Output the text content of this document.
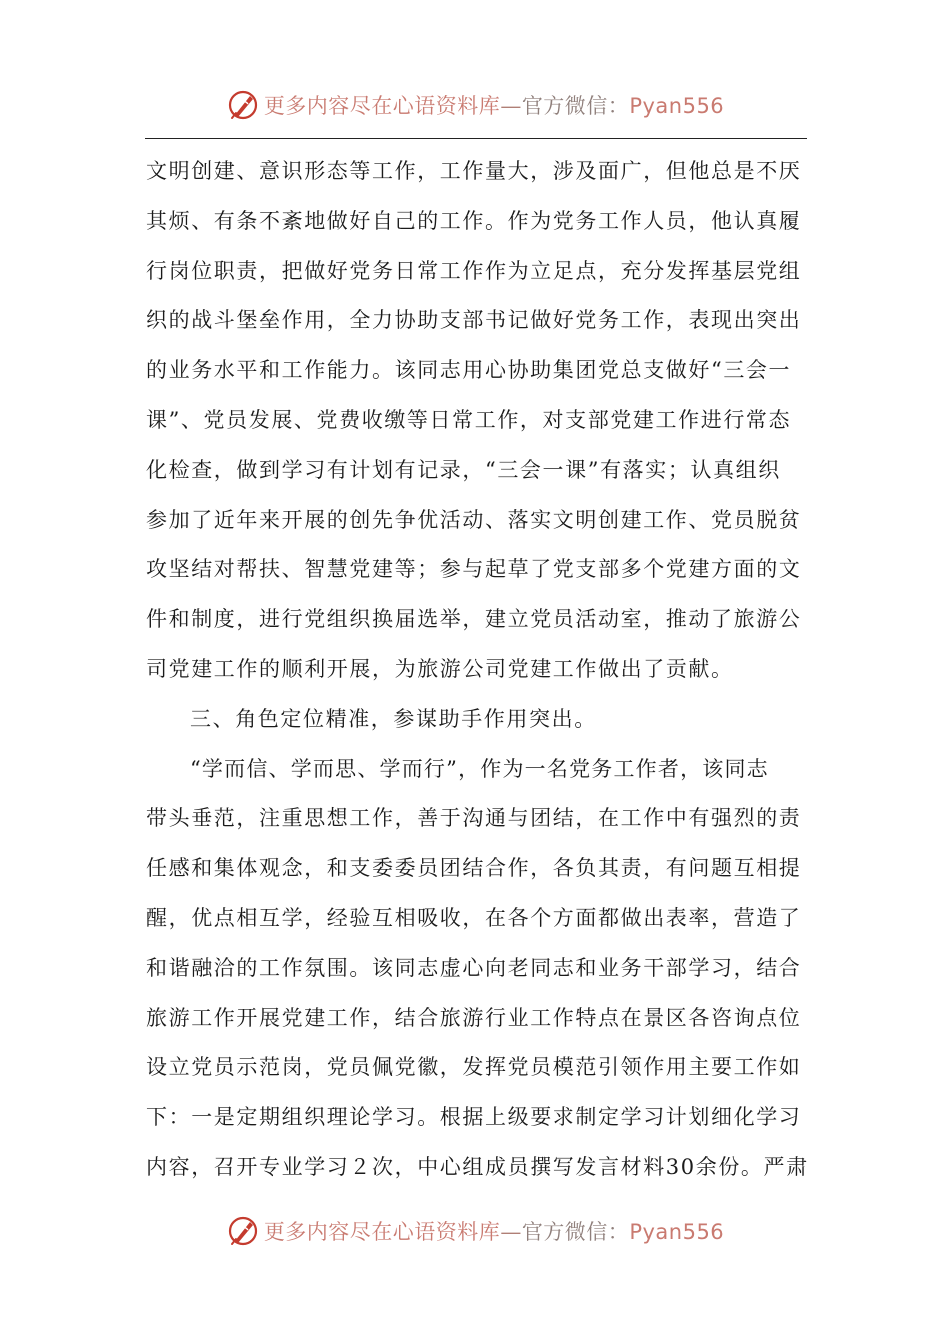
更多内容尽在心语资料库—官方微信：Pyan556
文明创建、意识形态等工作，工作量大，涉及面广，但他总是不厌
其烦、有条不紊地做好自己的工作。作为党务工作人员，他认真履
行岗位职责，把做好党务日常工作作为立足点，充分发挥基层党组
织的战斗堡垒作用，全力协助支部书记做好党务工作，表现出突出
的业务水平和工作能力。该同志用心协助集团党总支做好“三会一
课”、党员发展、党费收缴等日常工作，对支部党建工作进行常态
化检查，做到学习有计划有记录，“三会一课”有落实；认真组织
参加了近年来开展的创先争优活动、落实文明创建工作、党员脱贫
攻坚结对帮扶、智慧党建等；参与起草了党支部多个党建方面的文
件和制度，进行党组织换届选举，建立党员活动室，推动了旅游公
司党建工作的顺利开展，为旅游公司党建工作做出了贡献。
三、角色定位精准，参谋助手作用突出。
“学而信、学而思、学而行”，作为一名党务工作者，该同志
带头垂范，注重思想工作，善于沟通与团结，在工作中有强烈的责
任感和集体观念，和支委委员团结合作，各负其责，有问题互相提
醒，优点相互学，经验互相吸收，在各个方面都做出表率，营造了
和谐融洽的工作氛围。该同志虚心向老同志和业务干部学习，结合
旅游工作开展党建工作，结合旅游行业工作特点在景区各咨询点位
设立党员示范岗，党员佩党徽，发挥党员模范引领作用主要工作如
下：一是定期组织理论学习。根据上级要求制定学习计划细化学习
内容，召开专业学习２次，中心组成员撰写发言材料30余份。严肃
更多内容尽在心语资料库—官方微信：Pyan556
